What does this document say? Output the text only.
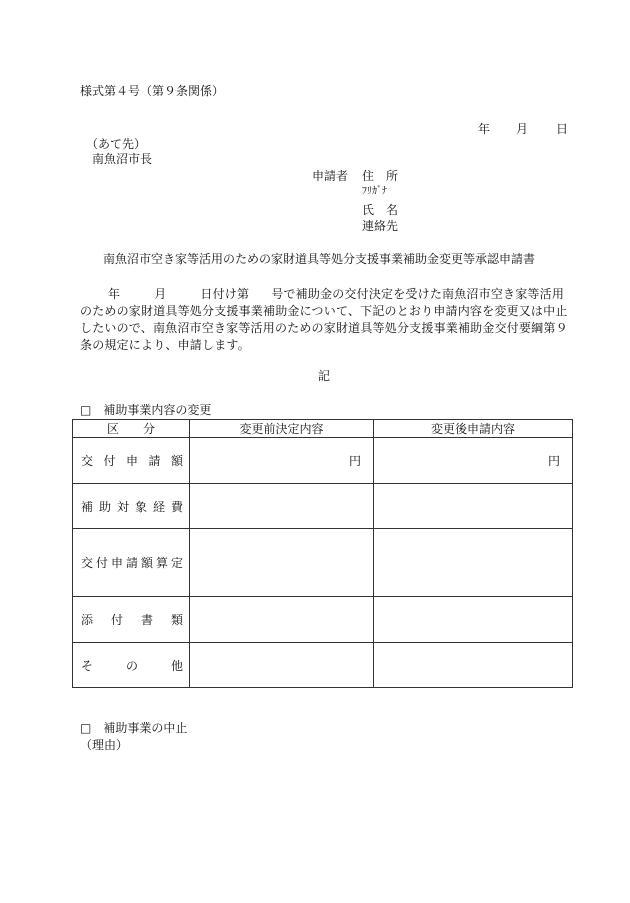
様式第４号（第９条関係）
年 月 日
（あて先）
南魚沼市長
申請者 住　所
ﾌﾘｶﾞﾅ
氏　名
連絡先
南魚沼市空き家等活用のための家財道具等処分支援事業補助金変更等承認申請書
年	月	日付け第 号で補助金の交付決定を受けた南魚沼市空き家等活用のための家財道具等処分支援事業補助金について、下記のとおり申請内容を変更又は中止したいので、南魚沼市空き家等活用のための家財道具等処分支援事業補助金交付要綱第９条の規定により、申請します。
記
□ 補助事業内容の変更
区　　分	変更前決定内容	変更後申請内容
交付申請額	円	円
補助対象経費		
交付申請額算定		
添付書類		
その他		
□ 補助事業の中止
（理由）
